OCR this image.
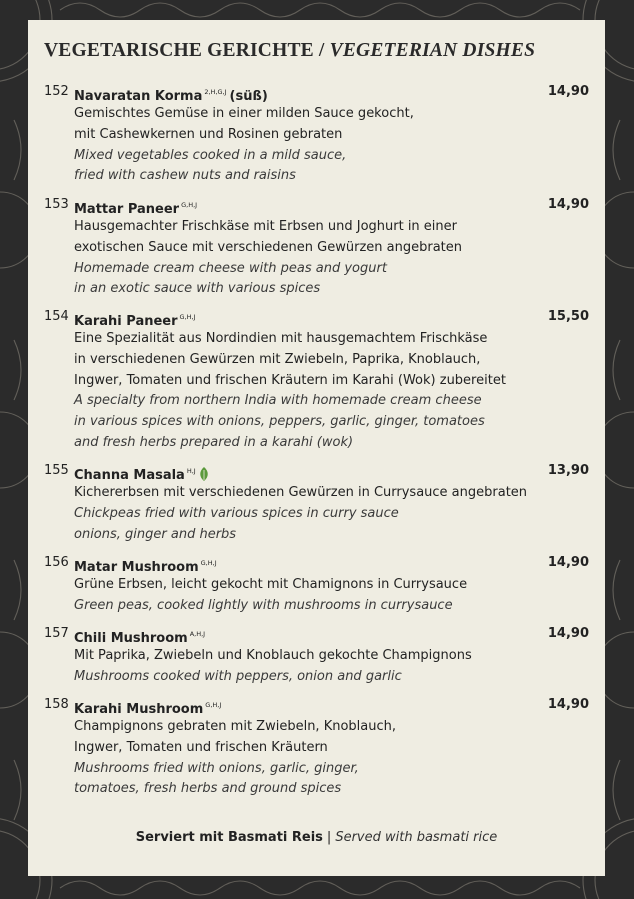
VEGETARISCHE GERICHTE / VEGETERIAN DISHES
152 Navaratan Korma $^{2,H,G,J}$ (süß)	14,90
Gemischtes Gemüse in einer milden Sauce gekocht,
mit Cashewkernen und Rosinen gebraten
Mixed vegetables cooked in a mild sauce,
fried with cashew nuts and raisins
153 Mattar Paneer $^{G,H,J}$	14,90
Hausgemachter Frischkäse mit Erbsen und Joghurt in einer
exotischen Sauce mit verschiedenen Gewürzen angebraten
Homemade cream cheese with peas and yogurt
in an exotic sauce with various spices
154 Karahi Paneer $^{G,H,J}$	15,50
Eine Spezialität aus Nordindien mit hausgemachtem Frischkäse
in verschiedenen Gewürzen mit Zwiebeln, Paprika, Knoblauch,
Ingwer, Tomaten und frischen Kräutern im Karahi (Wok) zubereitet
A specialty from northern India with homemade cream cheese
in various spices with onions, peppers, garlic, ginger, tomatoes
and fresh herbs prepared in a karahi (wok)
155 Channa Masala $^{H,J}$	13,90
Kichererbsen mit verschiedenen Gewürzen in Currysauce angebraten
Chickpeas fried with various spices in curry sauce
onions, ginger and herbs
156 Matar Mushroom $^{G,H,J}$	14,90
Grüne Erbsen, leicht gekocht mit Chamignons in Currysauce
Green peas, cooked lightly with mushrooms in currysauce
157 Chili Mushroom $^{A,H,J}$	14,90
Mit Paprika, Zwiebeln und Knoblauch gekochte Champignons
Mushrooms cooked with peppers, onion and garlic
158 Karahi Mushroom $^{G,H,J}$	14,90
Champignons gebraten mit Zwiebeln, Knoblauch,
Ingwer, Tomaten und frischen Kräutern
Mushrooms fried with onions, garlic, ginger,
tomatoes, fresh herbs and ground spices
Serviert mit Basmati Reis | Served with basmati rice
